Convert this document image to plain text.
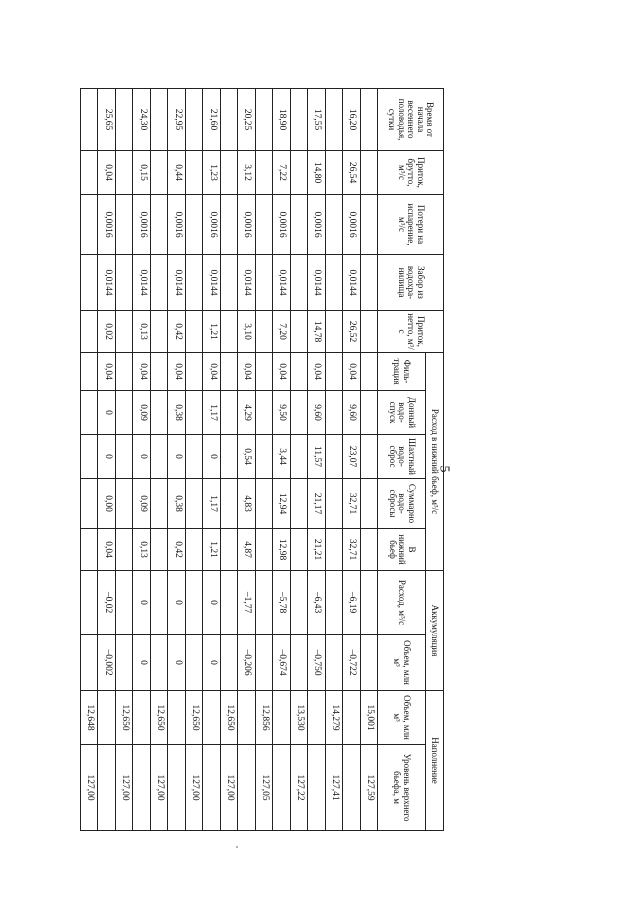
5
Время от начала весеннего половодья, сутки	Приток, брутто, м³/с	Потери на испарение, м³/с	Забор из водохра- нилища	Приток, нетто, м³/с	Расход в нижний бьеф, м³/с					Аккумуляция		Наполнение	
					Филь- трация	Донный водо- спуск	Шахтный водо- сброс	Суммарно водо- сбросы	В нижний бьеф	Расход, м³/с	Объем, млн м³	Объем, млн м³	Уровень верхнего бьефа, м
												15,001	127,59
16,20	26,54	0,0016	0,0144	26,52	0,04	9,60	23,07	32,71	32,71	–6,19	–0,722		
												14,279	127,41
17,55	14,80	0,0016	0,0144	14,78	0,04	9,60	11,57	21,17	21,21	–6,43	–0,750		
												13,530	127,22
18,90	7,22	0,0016	0,0144	7,20	0,04	9,50	3,44	12,94	12,98	–5,78	–0,674		
												12,856	127,05
20,25	3,12	0,0016	0,0144	3,10	0,04	4,29	0,54	4,83	4,87	–1,77	–0,206		
												12,650	127,00
21,60	1,23	0,0016	0,0144	1,21	0,04	1,17	0	1,17	1,21	0	0		
												12,650	127,00
22,95	0,44	0,0016	0,0144	0,42	0,04	0,38	0	0,38	0,42	0	0		
												12,650	127,00
24,30	0,15	0,0016	0,0144	0,13	0,04	0,09	0	0,09	0,13	0	0		
												12,650	127,00
25,65	0,04	0,0016	0,0144	0,02	0,04	0	0	0,00	0,04	–0,02	–0,002		
												12,648	127,00
